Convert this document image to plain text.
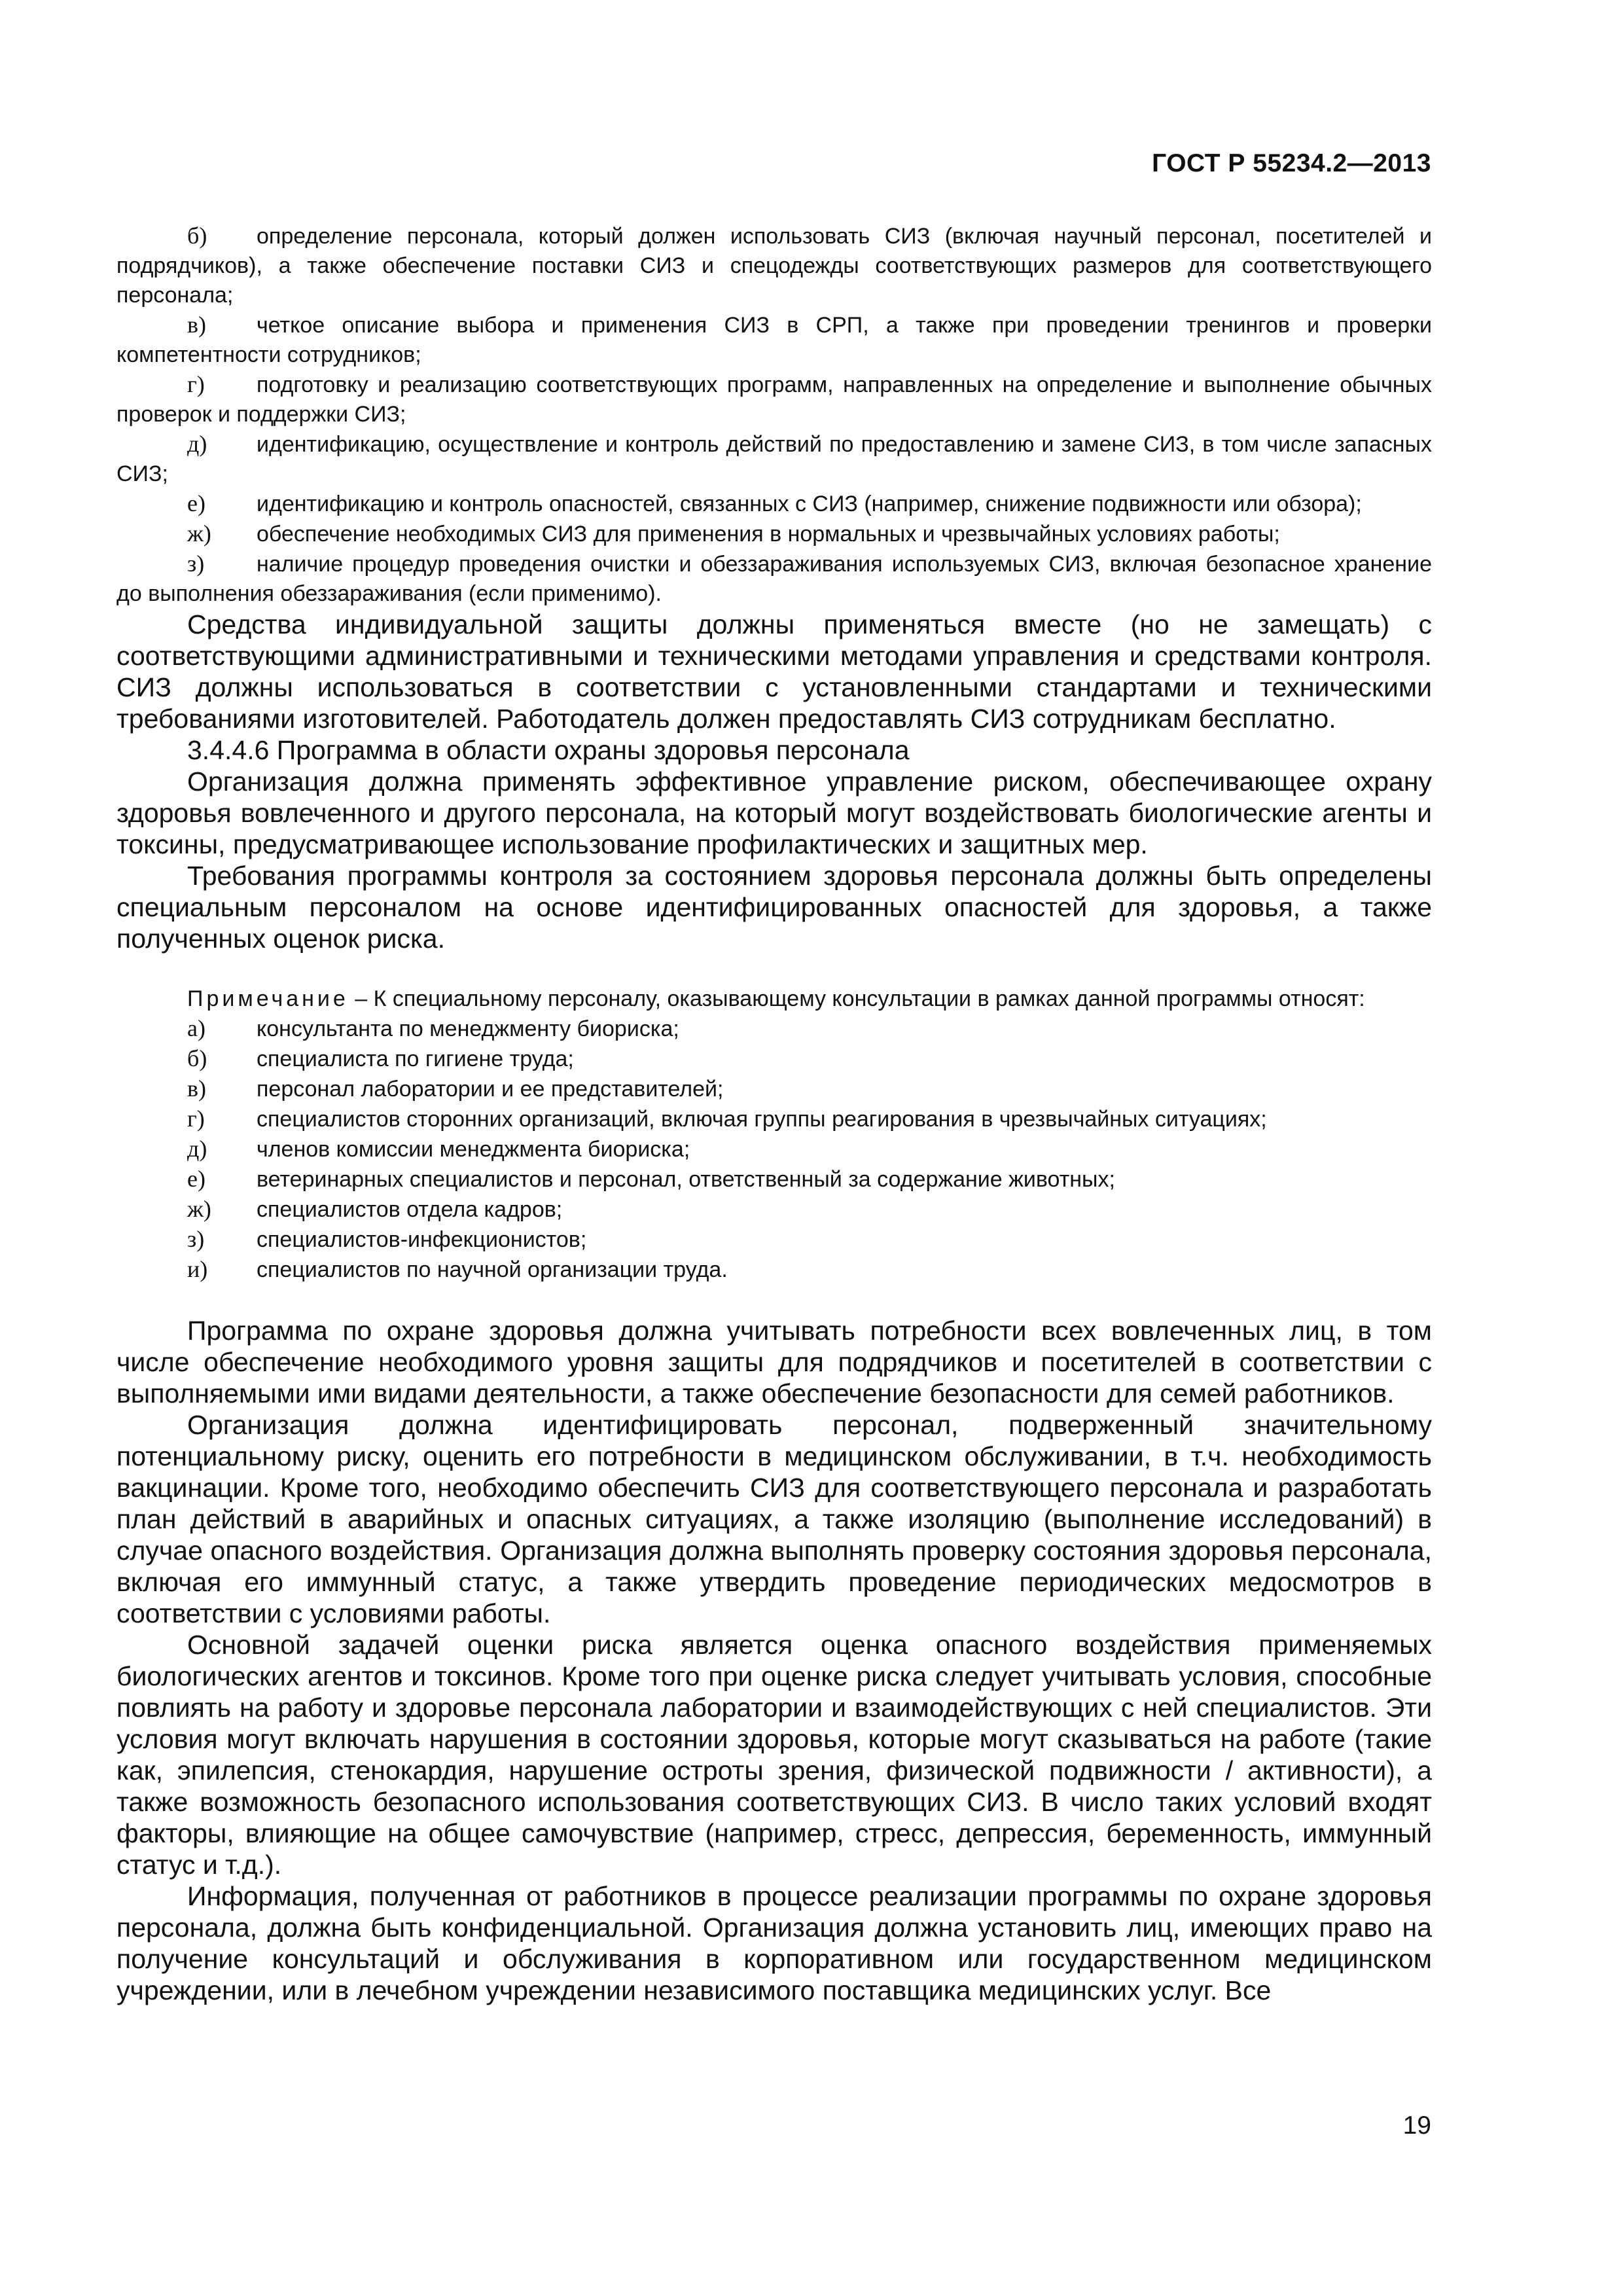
ГОСТ Р 55234.2—2013

б) определение персонала, который должен использовать СИЗ (включая научный персонал, посетителей и подрядчиков), а также обеспечение поставки СИЗ и спецодежды соответствующих размеров для соответствующего персонала;

в) четкое описание выбора и применения СИЗ в СРП, а также при проведении тренингов и проверки компетентности сотрудников;

г) подготовку и реализацию соответствующих программ, направленных на определение и выполнение обычных проверок и поддержки СИЗ;

д) идентификацию, осуществление и контроль действий по предоставлению и замене СИЗ, в том числе запасных СИЗ;

е) идентификацию и контроль опасностей, связанных с СИЗ (например, снижение подвижности или обзора);

ж) обеспечение необходимых СИЗ для применения в нормальных и чрезвычайных условиях работы;

з) наличие процедур проведения очистки и обеззараживания используемых СИЗ, включая безопасное хранение до выполнения обеззараживания (если применимо).

Средства индивидуальной защиты должны применяться вместе (но не замещать) с соответствующими административными и техническими методами управления и средствами контроля. СИЗ должны использоваться в соответствии с установленными стандартами и техническими требованиями изготовителей. Работодатель должен предоставлять СИЗ сотрудникам бесплатно.

3.4.4.6 Программа в области охраны здоровья персонала

Организация должна применять эффективное управление риском, обеспечивающее охрану здоровья вовлеченного и другого персонала, на который могут воздействовать биологические агенты и токсины, предусматривающее использование профилактических и защитных мер.

Требования программы контроля за состоянием здоровья персонала должны быть определены специальным персоналом на основе идентифицированных опасностей для здоровья, а также полученных оценок риска.

Примечание – К специальному персоналу, оказывающему консультации в рамках данной программы относят:

а) консультанта по менеджменту биориска;

б) специалиста по гигиене труда;

в) персонал лаборатории и ее представителей;

г) специалистов сторонних организаций, включая группы реагирования в чрезвычайных ситуациях;

д) членов комиссии менеджмента биориска;

е) ветеринарных специалистов и персонал, ответственный за содержание животных;

ж) специалистов отдела кадров;

з) специалистов-инфекционистов;

и) специалистов по научной организации труда.

Программа по охране здоровья должна учитывать потребности всех вовлеченных лиц, в том числе обеспечение необходимого уровня защиты для подрядчиков и посетителей в соответствии с выполняемыми ими видами деятельности, а также обеспечение безопасности для семей работников.

Организация должна идентифицировать персонал, подверженный значительному потенциальному риску, оценить его потребности в медицинском обслуживании, в т.ч. необходимость вакцинации. Кроме того, необходимо обеспечить СИЗ для соответствующего персонала и разработать план действий в аварийных и опасных ситуациях, а также изоляцию (выполнение исследований) в случае опасного воздействия. Организация должна выполнять проверку состояния здоровья персонала, включая его иммунный статус, а также утвердить проведение периодических медосмотров в соответствии с условиями работы.

Основной задачей оценки риска является оценка опасного воздействия применяемых биологических агентов и токсинов. Кроме того при оценке риска следует учитывать условия, способные повлиять на работу и здоровье персонала лаборатории и взаимодействующих с ней специалистов. Эти условия могут включать нарушения в состоянии здоровья, которые могут сказываться на работе (такие как, эпилепсия, стенокардия, нарушение остроты зрения, физической подвижности / активности), а также возможность безопасного использования соответствующих СИЗ. В число таких условий входят факторы, влияющие на общее самочувствие (например, стресс, депрессия, беременность, иммунный статус и т.д.).

Информация, полученная от работников в процессе реализации программы по охране здоровья персонала, должна быть конфиденциальной. Организация должна установить лиц, имеющих право на получение консультаций и обслуживания в корпоративном или государственном медицинском учреждении, или в лечебном учреждении независимого поставщика медицинских услуг. Все

19
